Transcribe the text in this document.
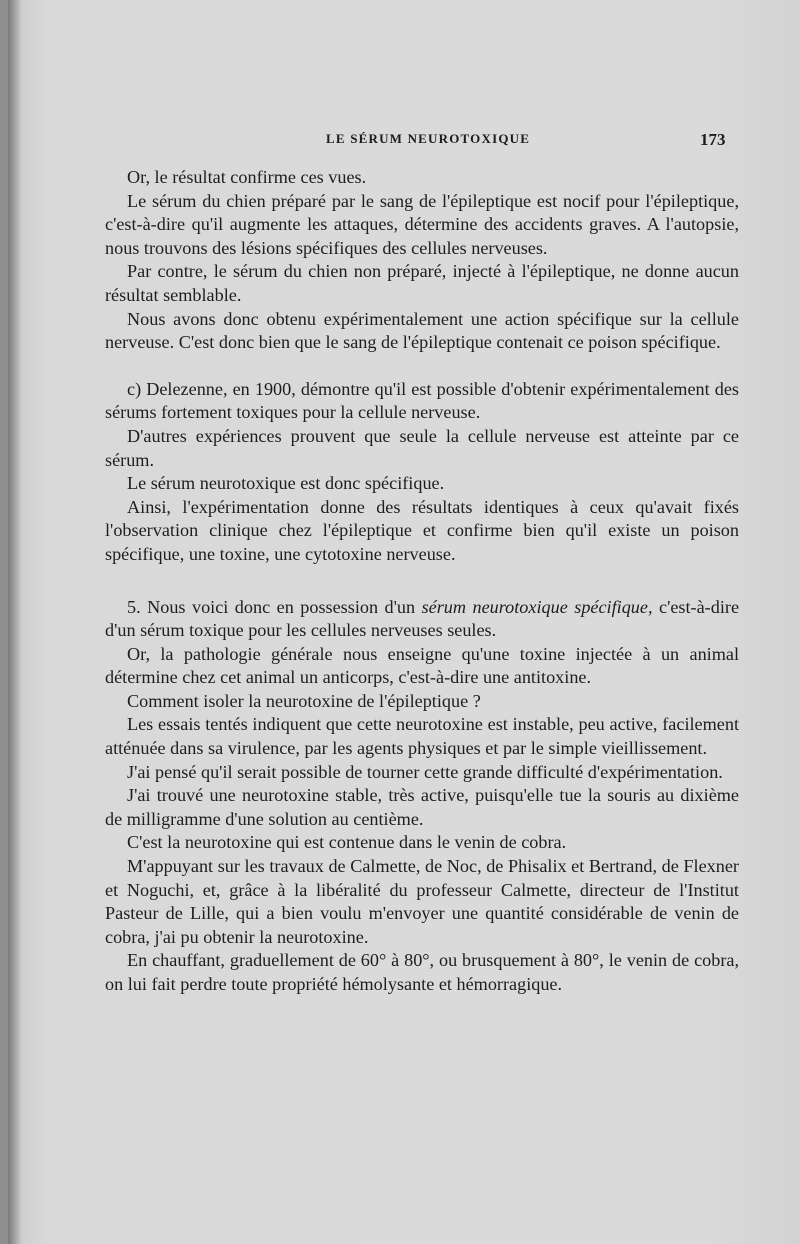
LE SÉRUM NEUROTOXIQUE	173

Or, le résultat confirme ces vues.

Le sérum du chien préparé par le sang de l'épileptique est nocif pour l'épileptique, c'est-à-dire qu'il augmente les attaques, détermine des accidents graves. A l'autopsie, nous trouvons des lésions spécifiques des cellules nerveuses.

Par contre, le sérum du chien non préparé, injecté à l'épileptique, ne donne aucun résultat semblable.

Nous avons donc obtenu expérimentalement une action spécifique sur la cellule nerveuse. C'est donc bien que le sang de l'épileptique contenait ce poison spécifique.

c) Delezenne, en 1900, démontre qu'il est possible d'obtenir expérimentalement des sérums fortement toxiques pour la cellule nerveuse.

D'autres expériences prouvent que seule la cellule nerveuse est atteinte par ce sérum.

Le sérum neurotoxique est donc spécifique.

Ainsi, l'expérimentation donne des résultats identiques à ceux qu'avait fixés l'observation clinique chez l'épileptique et confirme bien qu'il existe un poison spécifique, une toxine, une cytotoxine nerveuse.

5. Nous voici donc en possession d'un sérum neurotoxique spécifique, c'est-à-dire d'un sérum toxique pour les cellules nerveuses seules.

Or, la pathologie générale nous enseigne qu'une toxine injectée à un animal détermine chez cet animal un anticorps, c'est-à-dire une antitoxine.

Comment isoler la neurotoxine de l'épileptique ?

Les essais tentés indiquent que cette neurotoxine est instable, peu active, facilement atténuée dans sa virulence, par les agents physiques et par le simple vieillissement.

J'ai pensé qu'il serait possible de tourner cette grande difficulté d'expérimentation.

J'ai trouvé une neurotoxine stable, très active, puisqu'elle tue la souris au dixième de milligramme d'une solution au centième.

C'est la neurotoxine qui est contenue dans le venin de cobra.

M'appuyant sur les travaux de Calmette, de Noc, de Phisalix et Bertrand, de Flexner et Noguchi, et, grâce à la libéralité du professeur Calmette, directeur de l'Institut Pasteur de Lille, qui a bien voulu m'envoyer une quantité considérable de venin de cobra, j'ai pu obtenir la neurotoxine.

En chauffant, graduellement de 60° à 80°, ou brusquement à 80°, le venin de cobra, on lui fait perdre toute propriété hémolysante et hémorragique.
